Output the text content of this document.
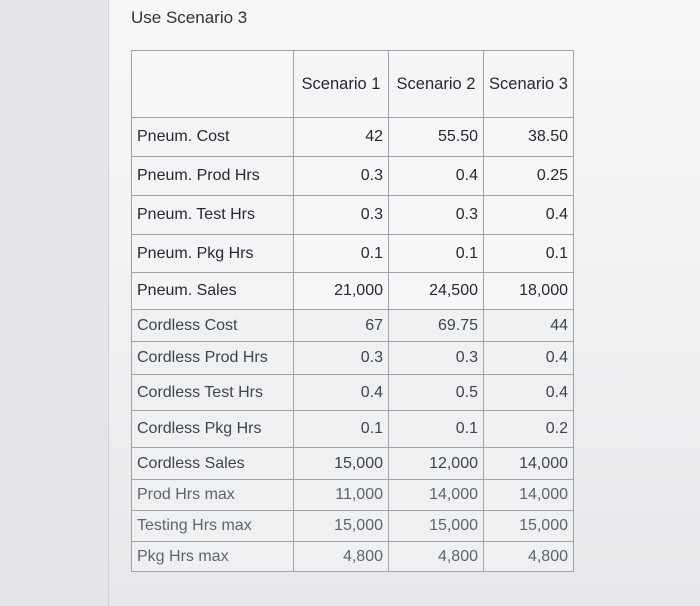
Use Scenario 3
	Scenario 1	Scenario 2	Scenario 3
Pneum. Cost	42	55.50	38.50
Pneum. Prod Hrs	0.3	0.4	0.25
Pneum. Test Hrs	0.3	0.3	0.4
Pneum. Pkg Hrs	0.1	0.1	0.1
Pneum. Sales	21,000	24,500	18,000
Cordless Cost	67	69.75	44
Cordless Prod Hrs	0.3	0.3	0.4
Cordless Test Hrs	0.4	0.5	0.4
Cordless Pkg Hrs	0.1	0.1	0.2
Cordless Sales	15,000	12,000	14,000
Prod Hrs max	11,000	14,000	14,000
Testing Hrs max	15,000	15,000	15,000
Pkg Hrs max	4,800	4,800	4,800
